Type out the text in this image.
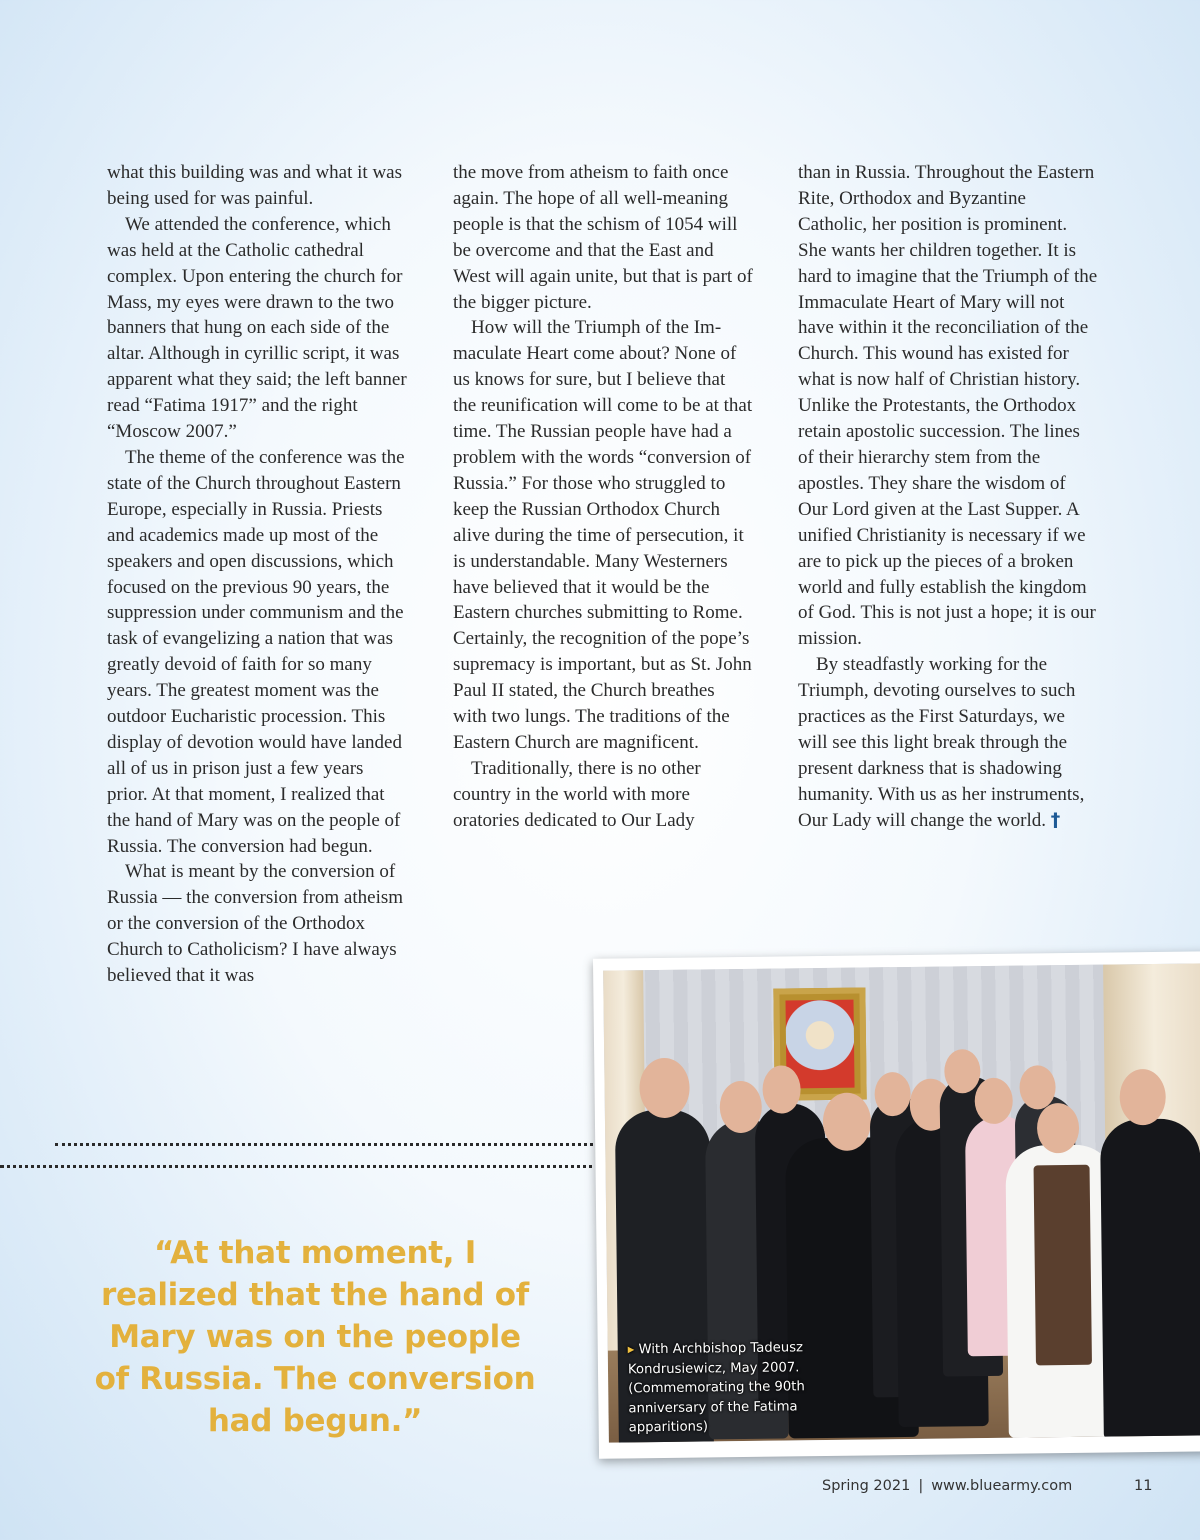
what this building was and what it was being used for was painful.

We attended the conference, which was held at the Catholic cathedral complex. Upon entering the church for Mass, my eyes were drawn to the two banners that hung on each side of the altar. Although in cyrillic script, it was apparent what they said; the left banner read “Fatima 1917” and the right “Moscow 2007.”

The theme of the conference was the state of the Church throughout Eastern Europe, especially in Russia. Priests and academics made up most of the speakers and open discussions, which focused on the previous 90 years, the suppression under communism and the task of evangelizing a nation that was greatly devoid of faith for so many years. The greatest moment was the outdoor Eucharistic procession. This display of devotion would have landed all of us in prison just a few years prior. At that moment, I realized that the hand of Mary was on the people of Russia. The conversion had begun.

What is meant by the conversion of Russia — the conversion from atheism or the conversion of the Orthodox Church to Catholicism? I have always believed that it was

the move from atheism to faith once again. The hope of all well-meaning people is that the schism of 1054 will be overcome and that the East and West will again unite, but that is part of the bigger picture.

How will the Triumph of the Immaculate Heart come about? None of us knows for sure, but I believe that the reunification will come to be at that time. The Russian people have had a problem with the words “conversion of Russia.” For those who struggled to keep the Russian Orthodox Church alive during the time of persecution, it is understandable. Many Westerners have believed that it would be the Eastern churches submitting to Rome. Certainly, the recognition of the pope’s supremacy is important, but as St. John Paul II stated, the Church breathes with two lungs. The traditions of the Eastern Church are magnificent.

Traditionally, there is no other country in the world with more oratories dedicated to Our Lady

than in Russia. Throughout the Eastern Rite, Orthodox and Byzantine Catholic, her position is prominent. She wants her children together. It is hard to imagine that the Triumph of the Immaculate Heart of Mary will not have within it the reconciliation of the Church. This wound has existed for what is now half of Christian history. Unlike the Protestants, the Orthodox retain apostolic succession. The lines of their hierarchy stem from the apostles. They share the wisdom of Our Lord given at the Last Supper. A unified Christianity is necessary if we are to pick up the pieces of a broken world and fully establish the kingdom of God. This is not just a hope; it is our mission.

By steadfastly working for the Triumph, devoting ourselves to such practices as the First Saturdays, we will see this light break through the present darkness that is shadowing humanity. With us as her instruments, Our Lady will change the world. †

“At that moment, I realized that the hand of Mary was on the people of Russia. The conversion had begun.”
▸ With Archbishop Tadeusz Kondrusiewicz, May 2007. (Commemorating the 90th anniversary of the Fatima apparitions)
Spring 2021 | www.bluearmy.com	11
